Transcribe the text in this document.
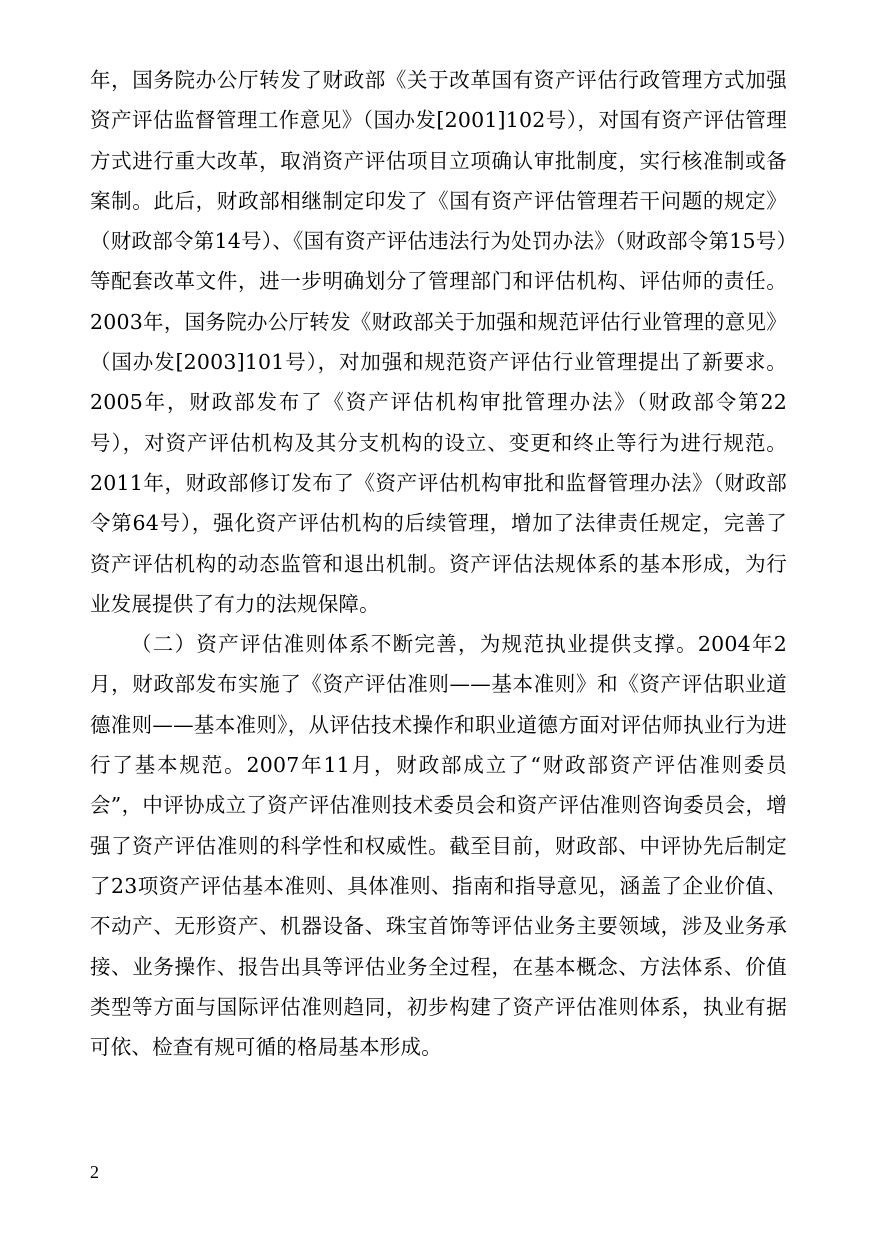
年，国务院办公厅转发了财政部《关于改革国有资产评估行政管理方式加强资产评估监督管理工作意见》（国办发[2001]102号），对国有资产评估管理方式进行重大改革，取消资产评估项目立项确认审批制度，实行核准制或备案制。此后，财政部相继制定印发了《国有资产评估管理若干问题的规定》（财政部令第14号）、《国有资产评估违法行为处罚办法》（财政部令第15号）等配套改革文件，进一步明确划分了管理部门和评估机构、评估师的责任。2003年，国务院办公厅转发《财政部关于加强和规范评估行业管理的意见》（国办发[2003]101号），对加强和规范资产评估行业管理提出了新要求。2005年，财政部发布了《资产评估机构审批管理办法》（财政部令第22号），对资产评估机构及其分支机构的设立、变更和终止等行为进行规范。2011年，财政部修订发布了《资产评估机构审批和监督管理办法》（财政部令第64号），强化资产评估机构的后续管理，增加了法律责任规定，完善了资产评估机构的动态监管和退出机制。资产评估法规体系的基本形成，为行业发展提供了有力的法规保障。

（二）资产评估准则体系不断完善，为规范执业提供支撑。2004年2月，财政部发布实施了《资产评估准则——基本准则》和《资产评估职业道德准则——基本准则》，从评估技术操作和职业道德方面对评估师执业行为进行了基本规范。2007年11月，财政部成立了“财政部资产评估准则委员会”，中评协成立了资产评估准则技术委员会和资产评估准则咨询委员会，增强了资产评估准则的科学性和权威性。截至目前，财政部、中评协先后制定了23项资产评估基本准则、具体准则、指南和指导意见，涵盖了企业价值、不动产、无形资产、机器设备、珠宝首饰等评估业务主要领域，涉及业务承接、业务操作、报告出具等评估业务全过程，在基本概念、方法体系、价值类型等方面与国际评估准则趋同，初步构建了资产评估准则体系，执业有据可依、检查有规可循的格局基本形成。

2
